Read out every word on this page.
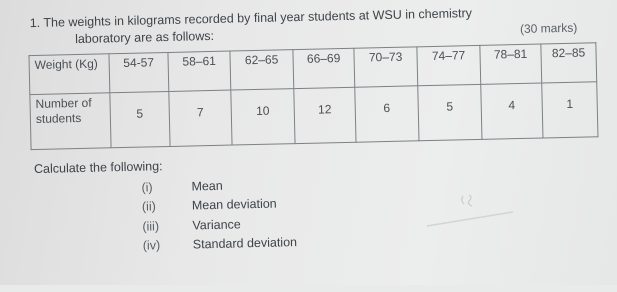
1. The weights in kilograms recorded by final year students at WSU in chemistry
laboratory are as follows:
(30 marks)
Weight (Kg)	54-57	58–61	62–65	66–69	70–73	74–77	78–81	82–85
Number of students	5	7	10	12	6	5	4	1
Calculate the following:
(i)	Mean
(ii)	Mean deviation
(iii)	Variance
(iv)	Standard deviation
